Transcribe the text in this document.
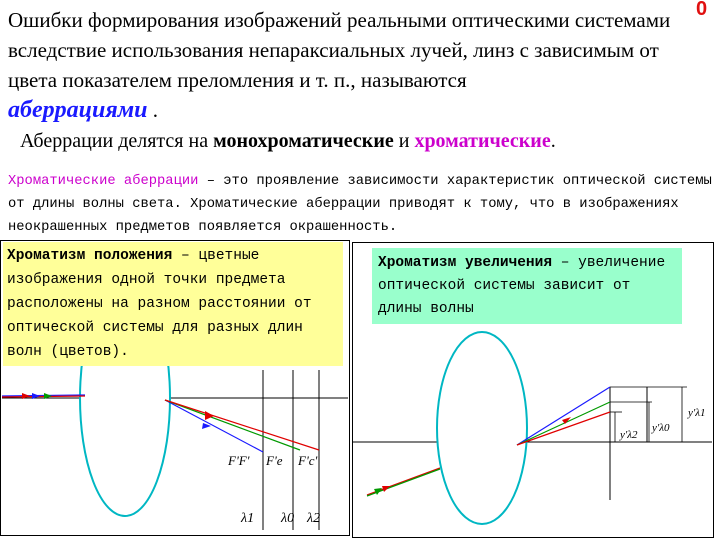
Ошибки формирования изображений реальными оптическими системами вследствие использования непараксиальных лучей, линз с зависимым от цвета показателем преломления и т. п., называются
аберрациями .
0
Аберрации делятся на монохроматические и хроматические.
Хроматические аберрации – это проявление зависимости характеристик оптической системы от длины волны света. Хроматические аберрации приводят к тому, что в изображениях неокрашенных предметов появляется окрашенность.
F'F' F'e F'c'
λ1 λ0 λ2
y'λ2
y'λ0
y'λ1
Хроматизм положения – цветные изображения одной точки предмета расположены на разном расстоянии от оптической системы для разных длин волн (цветов).
Хроматизм увеличения – увеличение оптической системы зависит от длины волны
